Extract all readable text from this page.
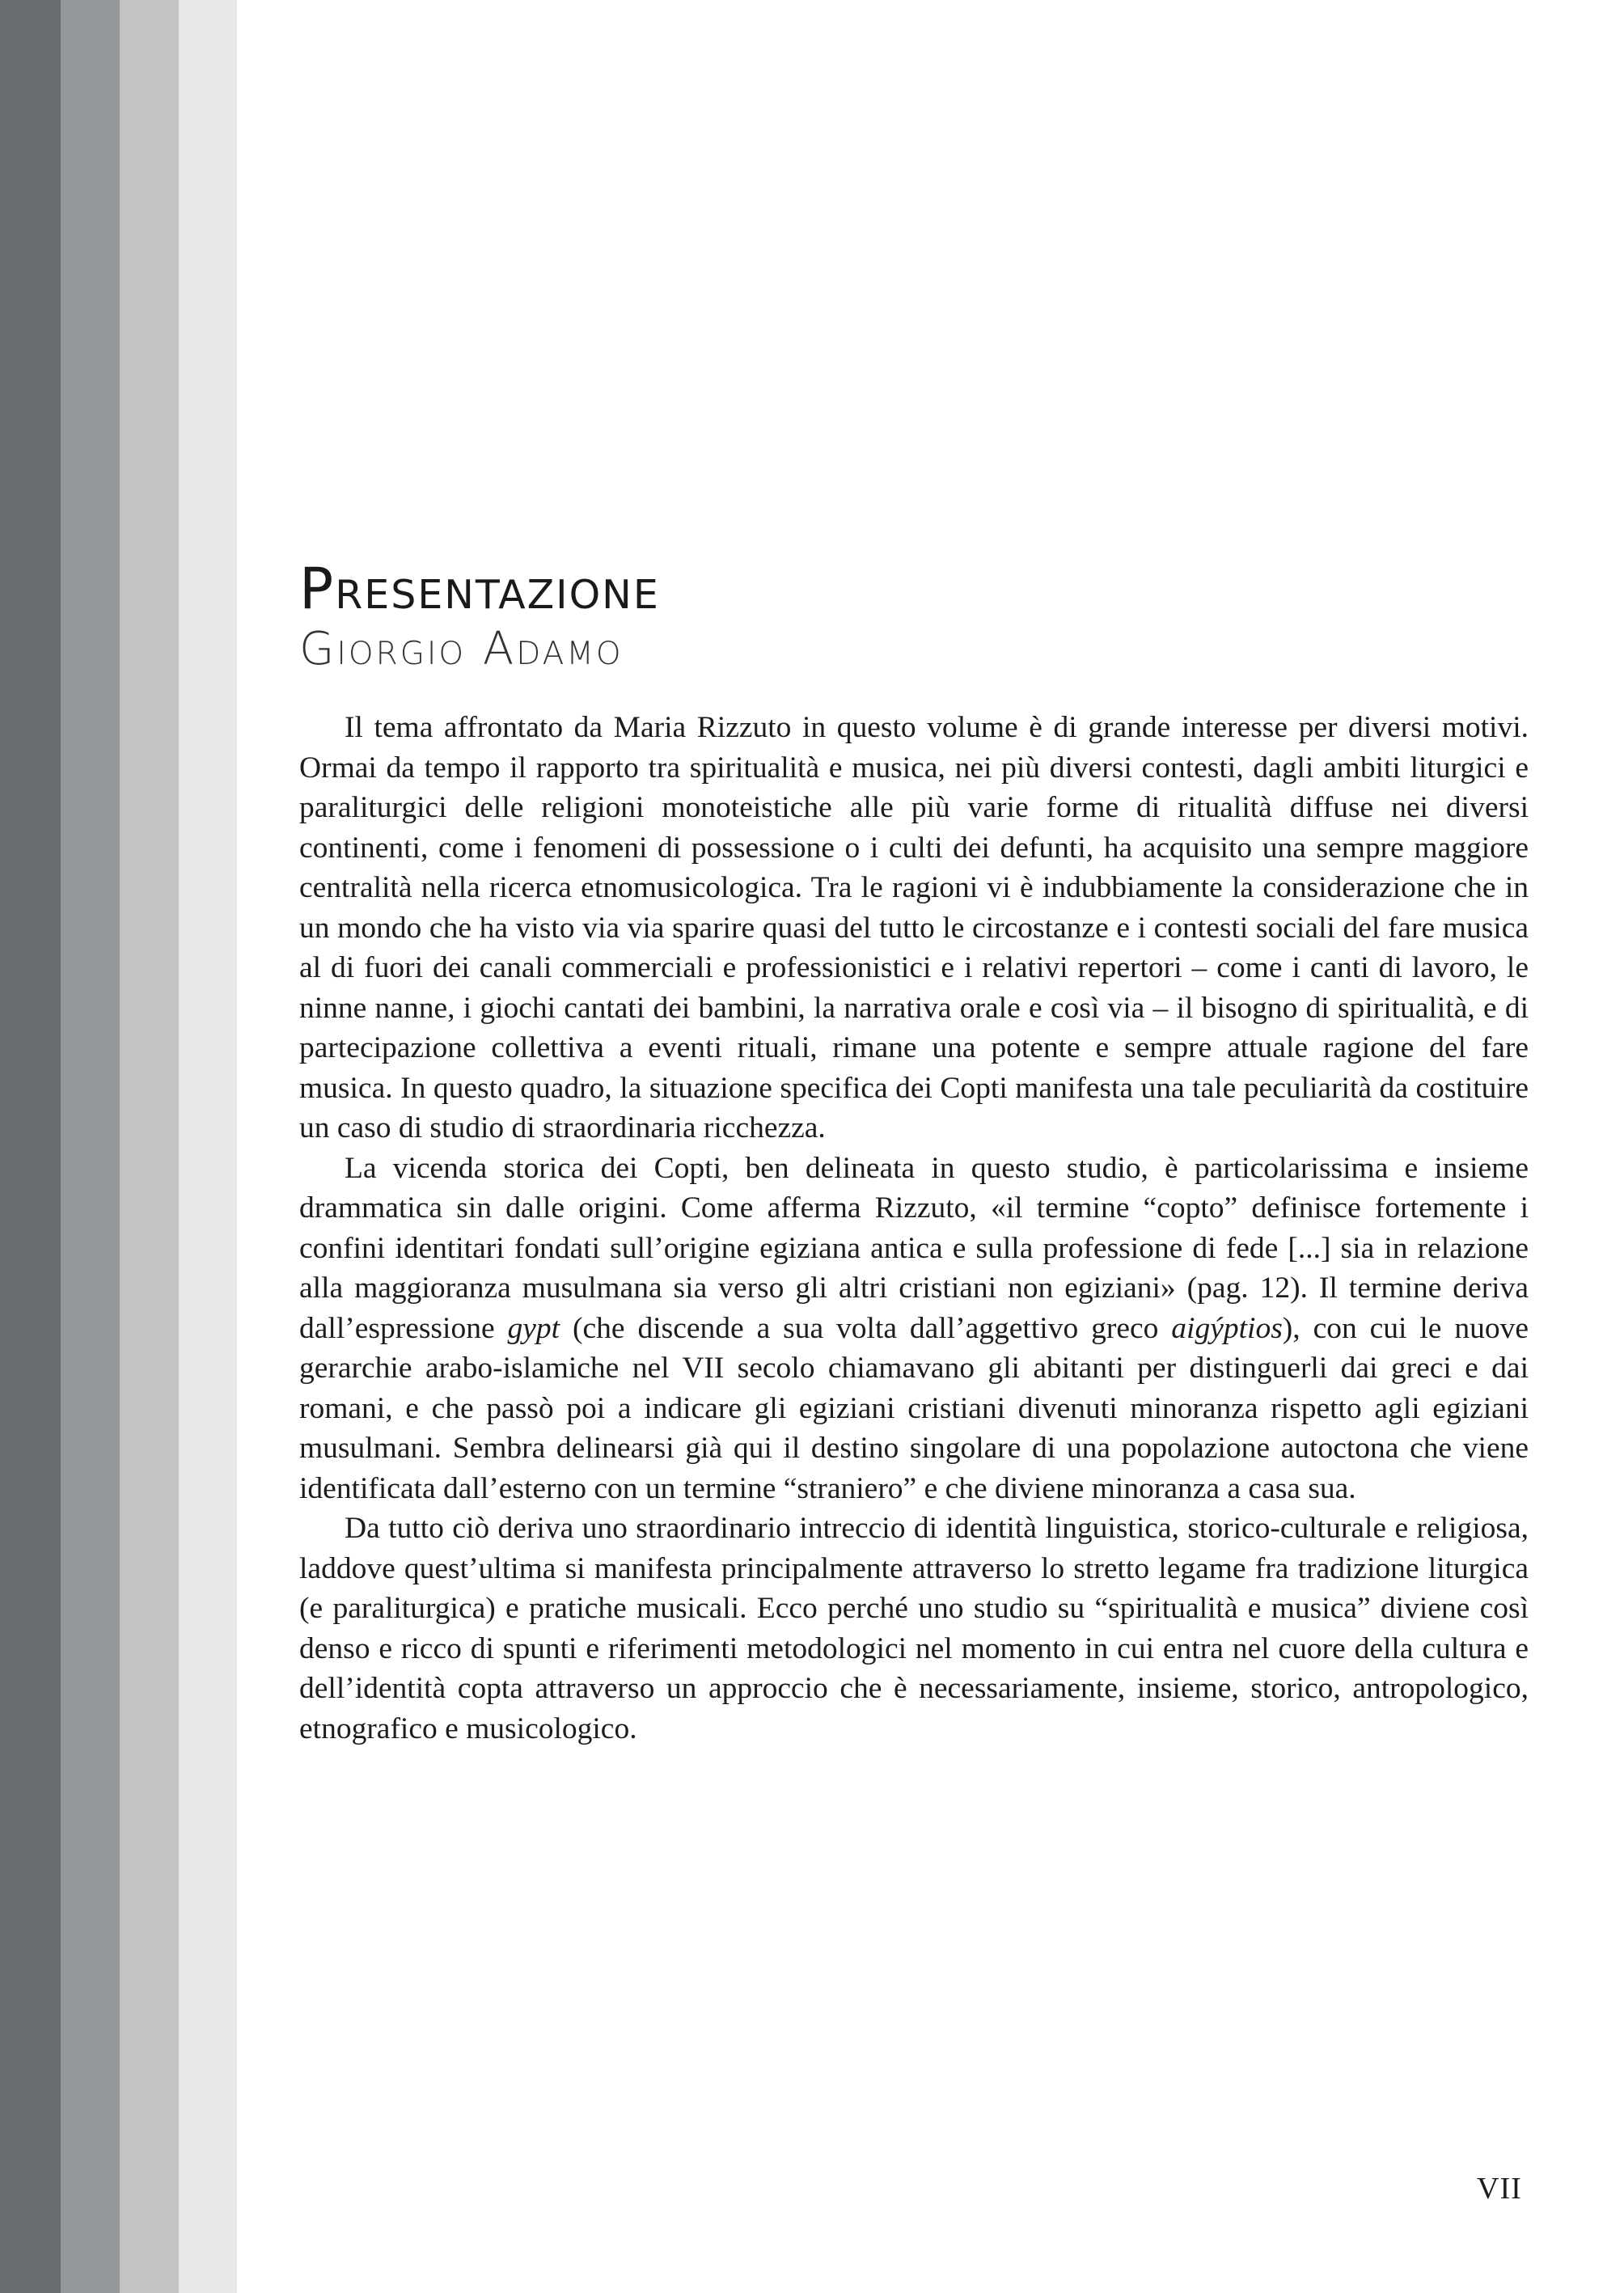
Presentazione
Giorgio Adamo

Il tema affrontato da Maria Rizzuto in questo volume è di grande interesse per diversi motivi. Ormai da tempo il rapporto tra spiritualità e musica, nei più diversi contesti, dagli ambiti liturgici e paraliturgici delle religioni monoteistiche alle più varie forme di ritualità diffuse nei diversi continenti, come i fenomeni di possessione o i culti dei defunti, ha acquisito una sempre maggiore centralità nella ricerca etnomusicologica. Tra le ragioni vi è indubbiamente la considerazione che in un mondo che ha visto via via sparire quasi del tutto le circostanze e i contesti sociali del fare musica al di fuori dei canali commerciali e professionistici e i relativi repertori – come i canti di lavoro, le ninne nanne, i giochi cantati dei bambini, la narrativa orale e così via – il bisogno di spiritualità, e di partecipazione collettiva a eventi rituali, rimane una potente e sempre attuale ragione del fare musica. In questo quadro, la situazione specifica dei Copti manifesta una tale peculiarità da costituire un caso di studio di straordinaria ricchezza.

La vicenda storica dei Copti, ben delineata in questo studio, è particolarissima e insieme drammatica sin dalle origini. Come afferma Rizzuto, «il termine “copto” definisce fortemente i confini identitari fondati sull’origine egiziana antica e sulla professione di fede [...] sia in relazione alla maggioranza musulmana sia verso gli altri cristiani non egiziani» (pag. 12). Il termine deriva dall’espressione gypt (che discende a sua volta dall’aggettivo greco aigýptios), con cui le nuove gerarchie arabo-islamiche nel VII secolo chiamavano gli abitanti per distinguerli dai greci e dai romani, e che passò poi a indicare gli egiziani cristiani divenuti minoranza rispetto agli egiziani musulmani. Sembra delinearsi già qui il destino singolare di una popolazione autoctona che viene identificata dall’esterno con un termine “straniero” e che diviene minoranza a casa sua.

Da tutto ciò deriva uno straordinario intreccio di identità linguistica, storico-culturale e religiosa, laddove quest’ultima si manifesta principalmente attraverso lo stretto legame fra tradizione liturgica (e paraliturgica) e pratiche musicali. Ecco perché uno studio su “spiritualità e musica” diviene così denso e ricco di spunti e riferimenti metodologici nel momento in cui entra nel cuore della cultura e dell’identità copta attraverso un approccio che è necessariamente, insieme, storico, antropologico, etnografico e musicologico.

VII
